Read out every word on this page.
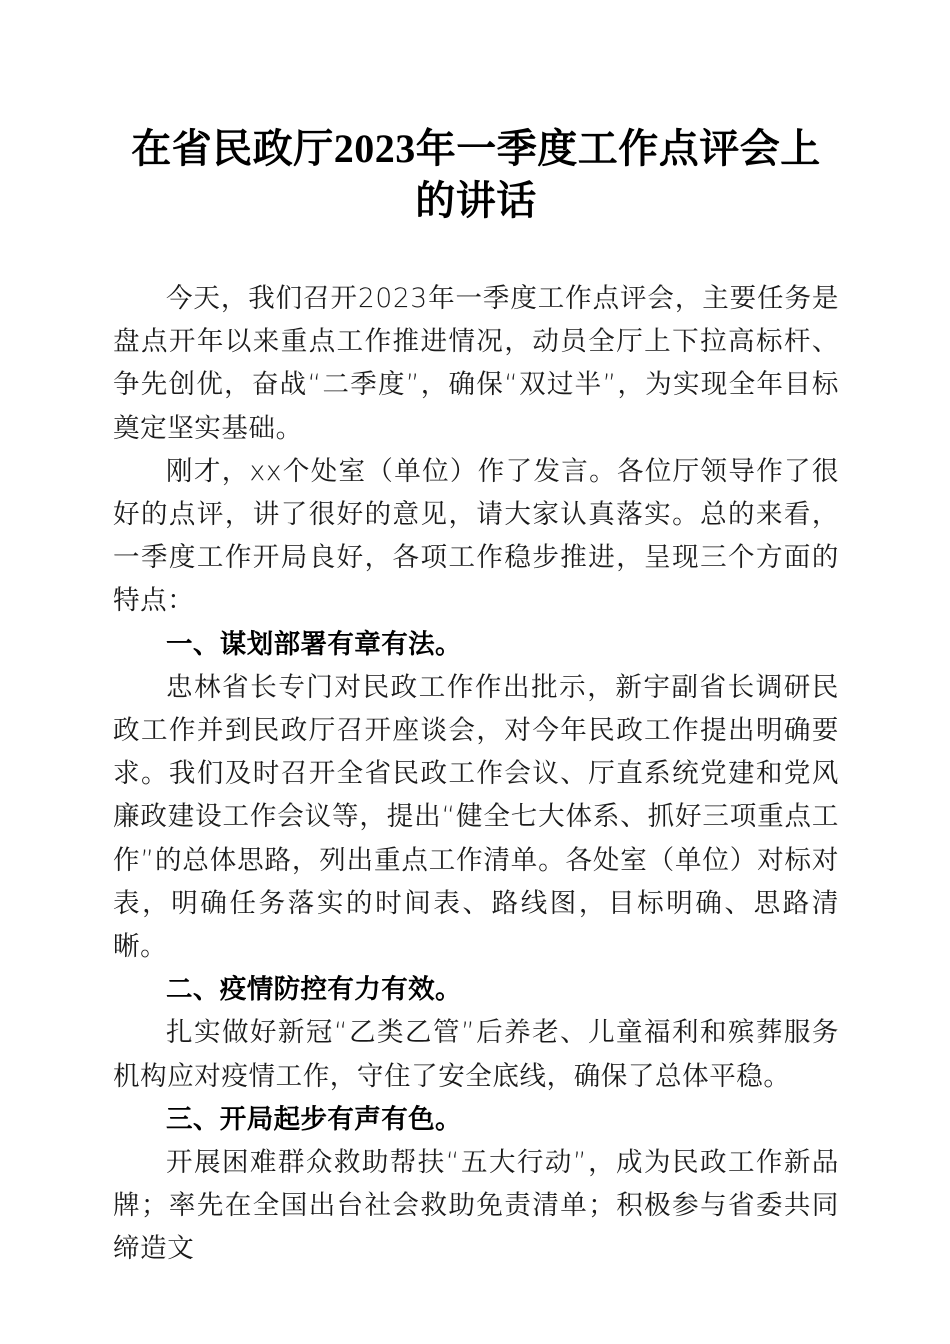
在省民政厅2023年一季度工作点评会上的讲话

今天，我们召开2023年一季度工作点评会，主要任务是盘点开年以来重点工作推进情况，动员全厅上下拉高标杆、争先创优，奋战“二季度”，确保“双过半”，为实现全年目标奠定坚实基础。

刚才，xx个处室（单位）作了发言。各位厅领导作了很好的点评，讲了很好的意见，请大家认真落实。总的来看，一季度工作开局良好，各项工作稳步推进，呈现三个方面的特点：

一、谋划部署有章有法。

忠林省长专门对民政工作作出批示，新宇副省长调研民政工作并到民政厅召开座谈会，对今年民政工作提出明确要求。我们及时召开全省民政工作会议、厅直系统党建和党风廉政建设工作会议等，提出“健全七大体系、抓好三项重点工作”的总体思路，列出重点工作清单。各处室（单位）对标对表，明确任务落实的时间表、路线图，目标明确、思路清晰。

二、疫情防控有力有效。

扎实做好新冠“乙类乙管”后养老、儿童福利和殡葬服务机构应对疫情工作，守住了安全底线，确保了总体平稳。

三、开局起步有声有色。

开展困难群众救助帮扶“五大行动”，成为民政工作新品牌；率先在全国出台社会救助免责清单；积极参与省委共同缔造文
